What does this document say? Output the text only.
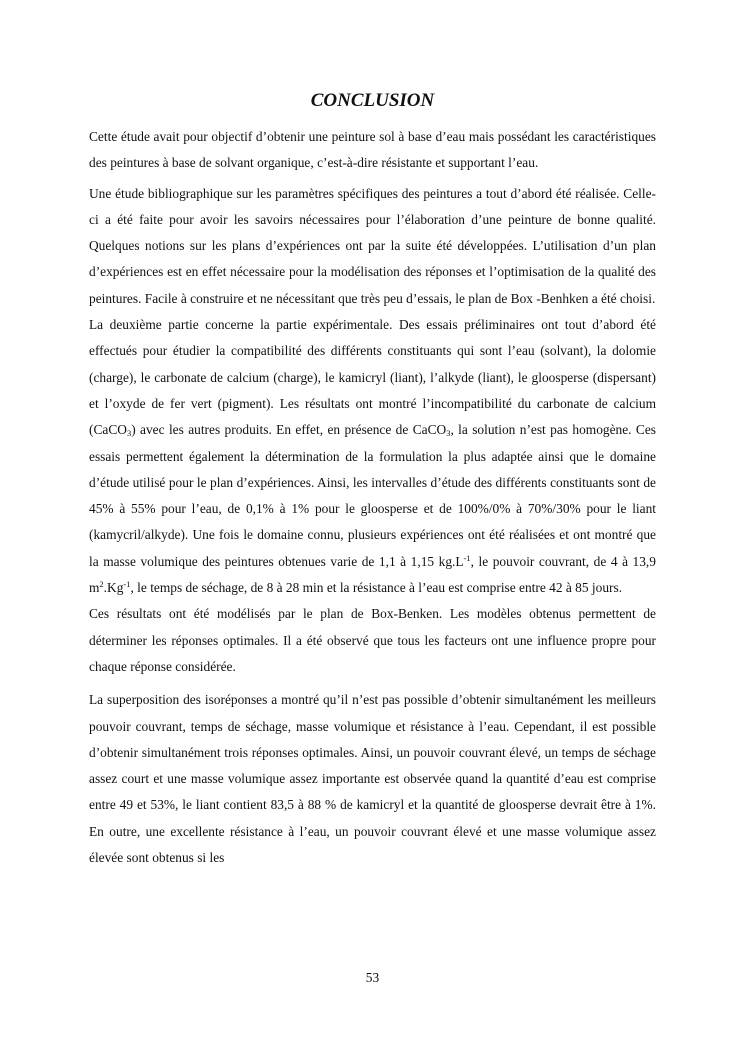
CONCLUSION

Cette étude avait pour objectif d’obtenir une peinture sol à base d’eau mais possédant les caractéristiques des peintures à base de solvant organique, c’est-à-dire résistante et supportant l’eau.

Une étude bibliographique sur les paramètres spécifiques des peintures a tout d’abord été réalisée. Celle-ci a été faite pour avoir les savoirs nécessaires pour l’élaboration d’une peinture de bonne qualité. Quelques notions sur les plans d’expériences ont par la suite été développées. L’utilisation d’un plan d’expériences est en effet nécessaire pour la modélisation des réponses et l’optimisation de la qualité des peintures. Facile à construire et ne nécessitant que très peu d’essais, le plan de Box -Benhken a été choisi.

La deuxième partie concerne la partie expérimentale. Des essais préliminaires ont tout d’abord été effectués pour étudier la compatibilité des différents constituants qui sont l’eau (solvant), la dolomie (charge), le carbonate de calcium (charge), le kamicryl (liant), l’alkyde (liant), le gloosperse (dispersant) et l’oxyde de fer vert (pigment). Les résultats ont montré l’incompatibilité du carbonate de calcium (CaCO$_3$) avec les autres produits. En effet, en présence de CaCO$_3$, la solution n’est pas homogène. Ces essais permettent également la détermination de la formulation la plus adaptée ainsi que le domaine d’étude utilisé pour le plan d’expériences. Ainsi, les intervalles d’étude des différents constituants sont de 45% à 55% pour l’eau, de 0,1% à 1% pour le gloosperse et de 100%/0% à 70%/30% pour le liant (kamycril/alkyde). Une fois le domaine connu, plusieurs expériences ont été réalisées et ont montré que la masse volumique des peintures obtenues varie de 1,1 à 1,15 $kg.L^{-1}$, le pouvoir couvrant, de 4 à 13,9 $m^2.Kg^{-1}$, le temps de séchage, de 8 à 28 min et la résistance à l’eau est comprise entre 42 à 85 jours.

Ces résultats ont été modélisés par le plan de Box-Benken. Les modèles obtenus permettent de déterminer les réponses optimales. Il a été observé que tous les facteurs ont une influence propre pour chaque réponse considérée.

La superposition des isoréponses a montré qu’il n’est pas possible d’obtenir simultanément les meilleurs pouvoir couvrant, temps de séchage, masse volumique et résistance à l’eau. Cependant, il est possible d’obtenir simultanément trois réponses optimales. Ainsi, un pouvoir couvrant élevé, un temps de séchage assez court et une masse volumique assez importante est observée quand la quantité d’eau est comprise entre 49 et 53%, le liant contient 83,5 à 88 % de kamicryl et la quantité de gloosperse devrait être à 1%. En outre, une excellente résistance à l’eau, un pouvoir couvrant élevé et une masse volumique assez élevée sont obtenus si les

53
